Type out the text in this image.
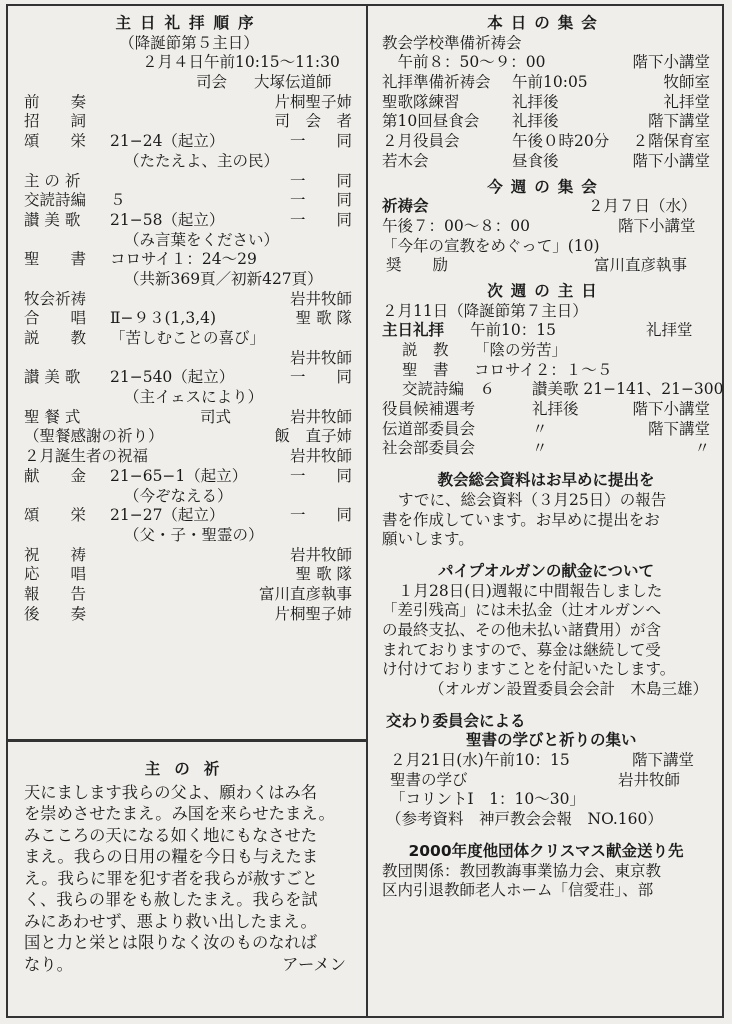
主日礼拝順序
（降誕節第５主日）
２月４日午前10:15～11:30
司会 大塚伝道師
前　　奏	片桐聖子姉
招　　詞	司　会　者
頌　　栄 21−24（起立）	一　　同
（たたえよ、主の民）
主 の 祈	一　　同
交読詩編 ５	一　　同
讃 美 歌 21−58（起立）	一　　同
（み言葉をください）
聖　　書 コロサイ１：24～29
（共新369頁／初新427頁）
牧会祈祷	岩井牧師
合　　唱 Ⅱ−９３(1,3,4)	聖 歌 隊
説　　教 「苦しむことの喜び」
岩井牧師
讃 美 歌 21−540（起立）	一　　同
（主イェスにより）
聖 餐 式	司式	岩井牧師
（聖餐感謝の祈り）	飯　直子姉
２月誕生者の祝福	岩井牧師
献　　金 21−65−1（起立）	一　　同
（今ぞなえる）
頌　　栄 21−27（起立）	一　　同
（父・子・聖霊の）
祝　　祷	岩井牧師
応　　唱	聖 歌 隊
報　　告	富川直彦執事
後　　奏	片桐聖子姉
主の祈
天にまします我らの父よ、願わくはみ名
を崇めさせたまえ。み国を来らせたまえ。
みこころの天になる如く地にもなさせた
まえ。我らの日用の糧を今日も与えたま
え。我らに罪を犯す者を我らが赦すごと
く、我らの罪をも赦したまえ。我らを試
みにあわせず、悪より救い出したまえ。
国と力と栄とは限りなく汝のものなれば
なり。	アーメン
本日の集会
教会学校準備祈祷会
　午前８：50～９：00	階下小講堂
礼拝準備祈祷会 午前10:05	牧師室
聖歌隊練習	礼拝後	礼拝堂
第10回昼食会 礼拝後	階下講堂
２月役員会	午後０時20分	２階保育室
若木会	昼食後	階下小講堂
今週の集会
祈祷会	２月７日（水）
午後７：00～８：00	階下小講堂
「今年の宣教をめぐって」(10)
奨　　励	富川直彦執事
次週の主日
２月11日（降誕節第７主日）
主日礼拝 午前10：15	礼拝堂
説　教 「陰の労苦」
聖　書 コロサイ２：１～５
交読詩編　６ 讃美歌 21−141、21−300
役員候補選考	礼拝後	階下小講堂
伝道部委員会	〃	階下講堂
社会部委員会	〃	〃
教会総会資料はお早めに提出を
すでに、総会資料（３月25日）の報告
書を作成しています。お早めに提出をお
願いします。
パイプオルガンの献金について
１月28日(日)週報に中間報告しました
「差引残高」には未払金（辻オルガンへ
の最終支払、その他未払い諸費用）が含
まれておりますので、募金は継続して受
け付けておりますことを付記いたします。
（オルガン設置委員会会計　木島三雄）
交わり委員会による
聖書の学びと祈りの集い
２月21日(水)午前10：15	階下講堂
聖書の学び	岩井牧師
「コリントⅠ　1：10～30」
（参考資料　神戸教会会報　NO.160）
2000年度他団体クリスマス献金送り先
教団関係：教団教誨事業協力会、東京教
区内引退教師老人ホーム「信愛荘」、部
